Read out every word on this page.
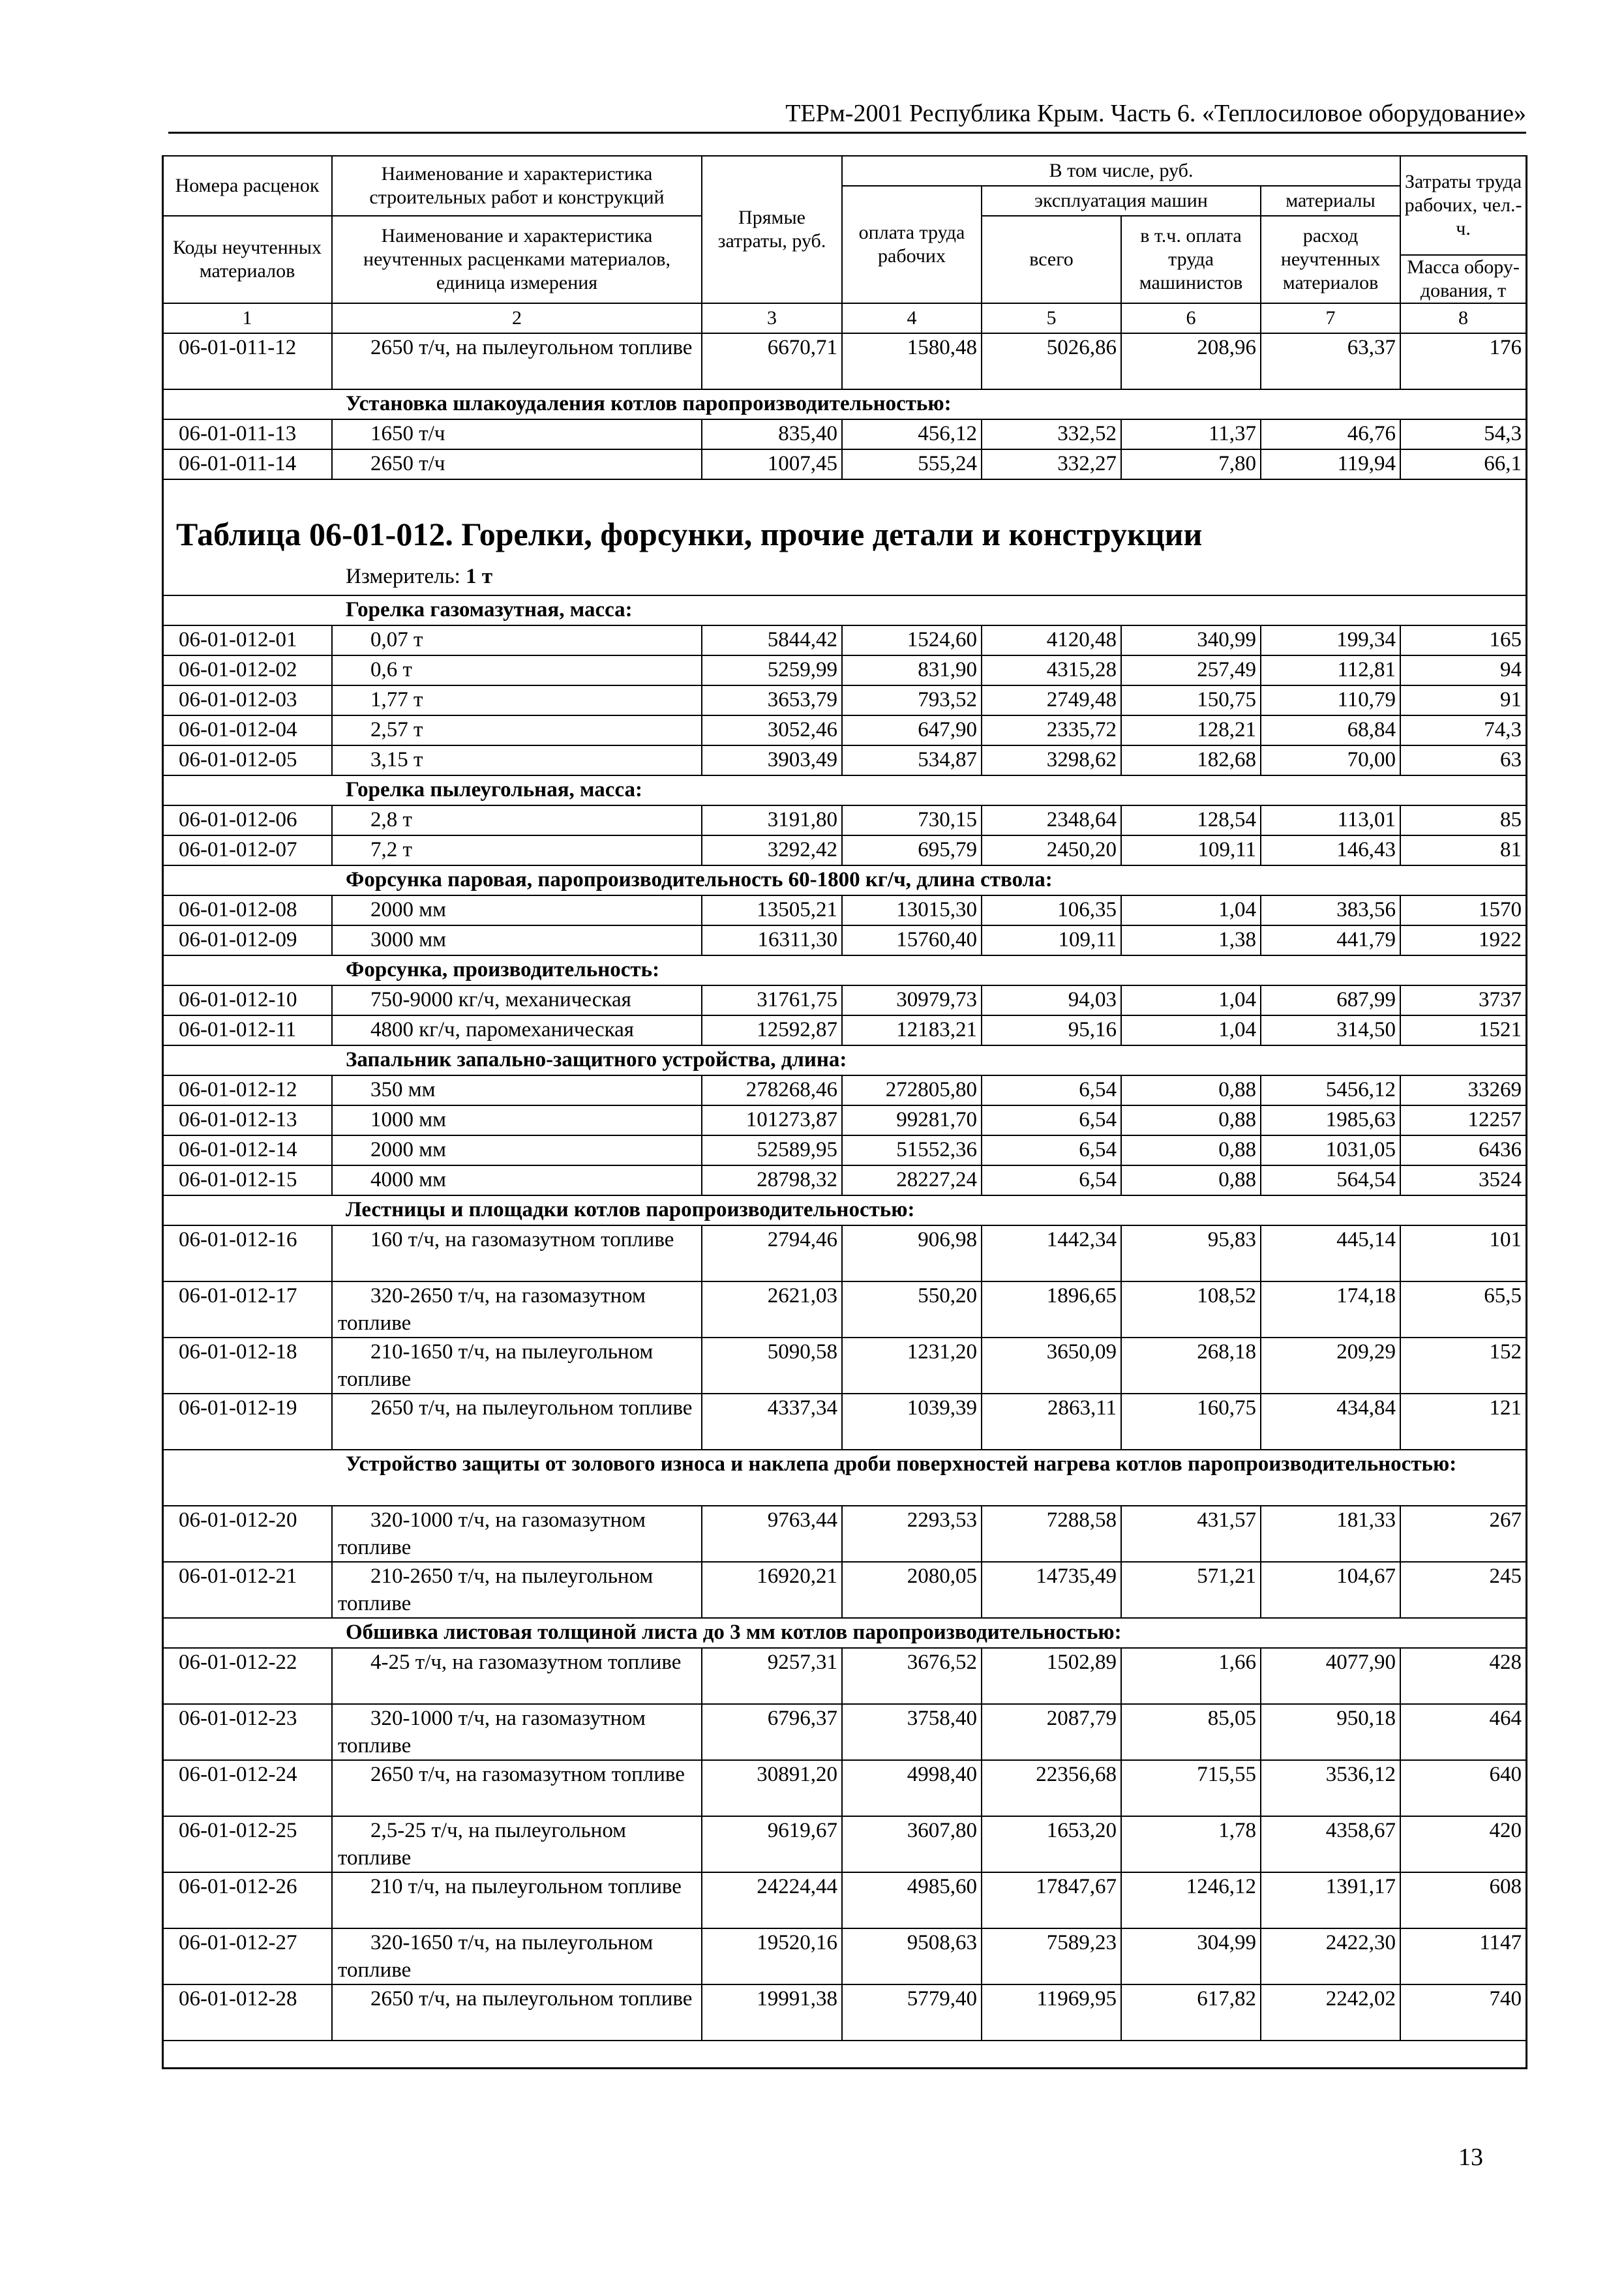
ТЕРм-2001 Республика Крым. Часть 6. «Теплосиловое оборудование»
Номера расценок	Наименование и характеристика строительных работ и конструкций	Прямые затраты, руб.	В том числе, руб.				Затраты труда рабочих, чел.-ч.
			оплата труда рабочих	эксплуатация машин		материалы	
Коды неучтенных материалов	Наименование и характеристика неучтенных расценками материалов, единица измерения			всего	в т.ч. оплата труда машинистов	расход неучтенных материалов	
							Масса обору-дования, т
1	2	3	4	5	6	7	8
06-01-011-12	2650 т/ч, на пылеугольном топливе	6670,71	1580,48	5026,86	208,96	63,37	176
Установка шлакоудаления котлов паропроизводительностью:							
06-01-011-13	1650 т/ч	835,40	456,12	332,52	11,37	46,76	54,3
06-01-011-14	2650 т/ч	1007,45	555,24	332,27	7,80	119,94	66,1
Таблица 06-01-012. Горелки, форсунки, прочие детали и конструкции
Измеритель: 1 т
Горелка газомазутная, масса:							
06-01-012-01	0,07 т	5844,42	1524,60	4120,48	340,99	199,34	165
06-01-012-02	0,6 т	5259,99	831,90	4315,28	257,49	112,81	94
06-01-012-03	1,77 т	3653,79	793,52	2749,48	150,75	110,79	91
06-01-012-04	2,57 т	3052,46	647,90	2335,72	128,21	68,84	74,3
06-01-012-05	3,15 т	3903,49	534,87	3298,62	182,68	70,00	63
Горелка пылеугольная, масса:							
06-01-012-06	2,8 т	3191,80	730,15	2348,64	128,54	113,01	85
06-01-012-07	7,2 т	3292,42	695,79	2450,20	109,11	146,43	81
Форсунка паровая, паропроизводительность 60-1800 кг/ч, длина ствола:							
06-01-012-08	2000 мм	13505,21	13015,30	106,35	1,04	383,56	1570
06-01-012-09	3000 мм	16311,30	15760,40	109,11	1,38	441,79	1922
Форсунка, производительность:							
06-01-012-10	750-9000 кг/ч, механическая	31761,75	30979,73	94,03	1,04	687,99	3737
06-01-012-11	4800 кг/ч, паромеханическая	12592,87	12183,21	95,16	1,04	314,50	1521
Запальник запально-защитного устройства, длина:							
06-01-012-12	350 мм	278268,46	272805,80	6,54	0,88	5456,12	33269
06-01-012-13	1000 мм	101273,87	99281,70	6,54	0,88	1985,63	12257
06-01-012-14	2000 мм	52589,95	51552,36	6,54	0,88	1031,05	6436
06-01-012-15	4000 мм	28798,32	28227,24	6,54	0,88	564,54	3524
Лестницы и площадки котлов паропроизводительностью:							
06-01-012-16	160 т/ч, на газомазутном топливе	2794,46	906,98	1442,34	95,83	445,14	101
06-01-012-17	320-2650 т/ч, на газомазутном топливе	2621,03	550,20	1896,65	108,52	174,18	65,5
06-01-012-18	210-1650 т/ч, на пылеугольном топливе	5090,58	1231,20	3650,09	268,18	209,29	152
06-01-012-19	2650 т/ч, на пылеугольном топливе	4337,34	1039,39	2863,11	160,75	434,84	121
Устройство защиты от золового износа и наклепа дроби поверхностей нагрева котлов паропроизводительностью:							
06-01-012-20	320-1000 т/ч, на газомазутном топливе	9763,44	2293,53	7288,58	431,57	181,33	267
06-01-012-21	210-2650 т/ч, на пылеугольном топливе	16920,21	2080,05	14735,49	571,21	104,67	245
Обшивка листовая толщиной листа до 3 мм котлов паропроизводительностью:							
06-01-012-22	4-25 т/ч, на газомазутном топливе	9257,31	3676,52	1502,89	1,66	4077,90	428
06-01-012-23	320-1000 т/ч, на газомазутном топливе	6796,37	3758,40	2087,79	85,05	950,18	464
06-01-012-24	2650 т/ч, на газомазутном топливе	30891,20	4998,40	22356,68	715,55	3536,12	640
06-01-012-25	2,5-25 т/ч, на пылеугольном топливе	9619,67	3607,80	1653,20	1,78	4358,67	420
06-01-012-26	210 т/ч, на пылеугольном топливе	24224,44	4985,60	17847,67	1246,12	1391,17	608
06-01-012-27	320-1650 т/ч, на пылеугольном топливе	19520,16	9508,63	7589,23	304,99	2422,30	1147
06-01-012-28	2650 т/ч, на пылеугольном топливе	19991,38	5779,40	11969,95	617,82	2242,02	740
13
